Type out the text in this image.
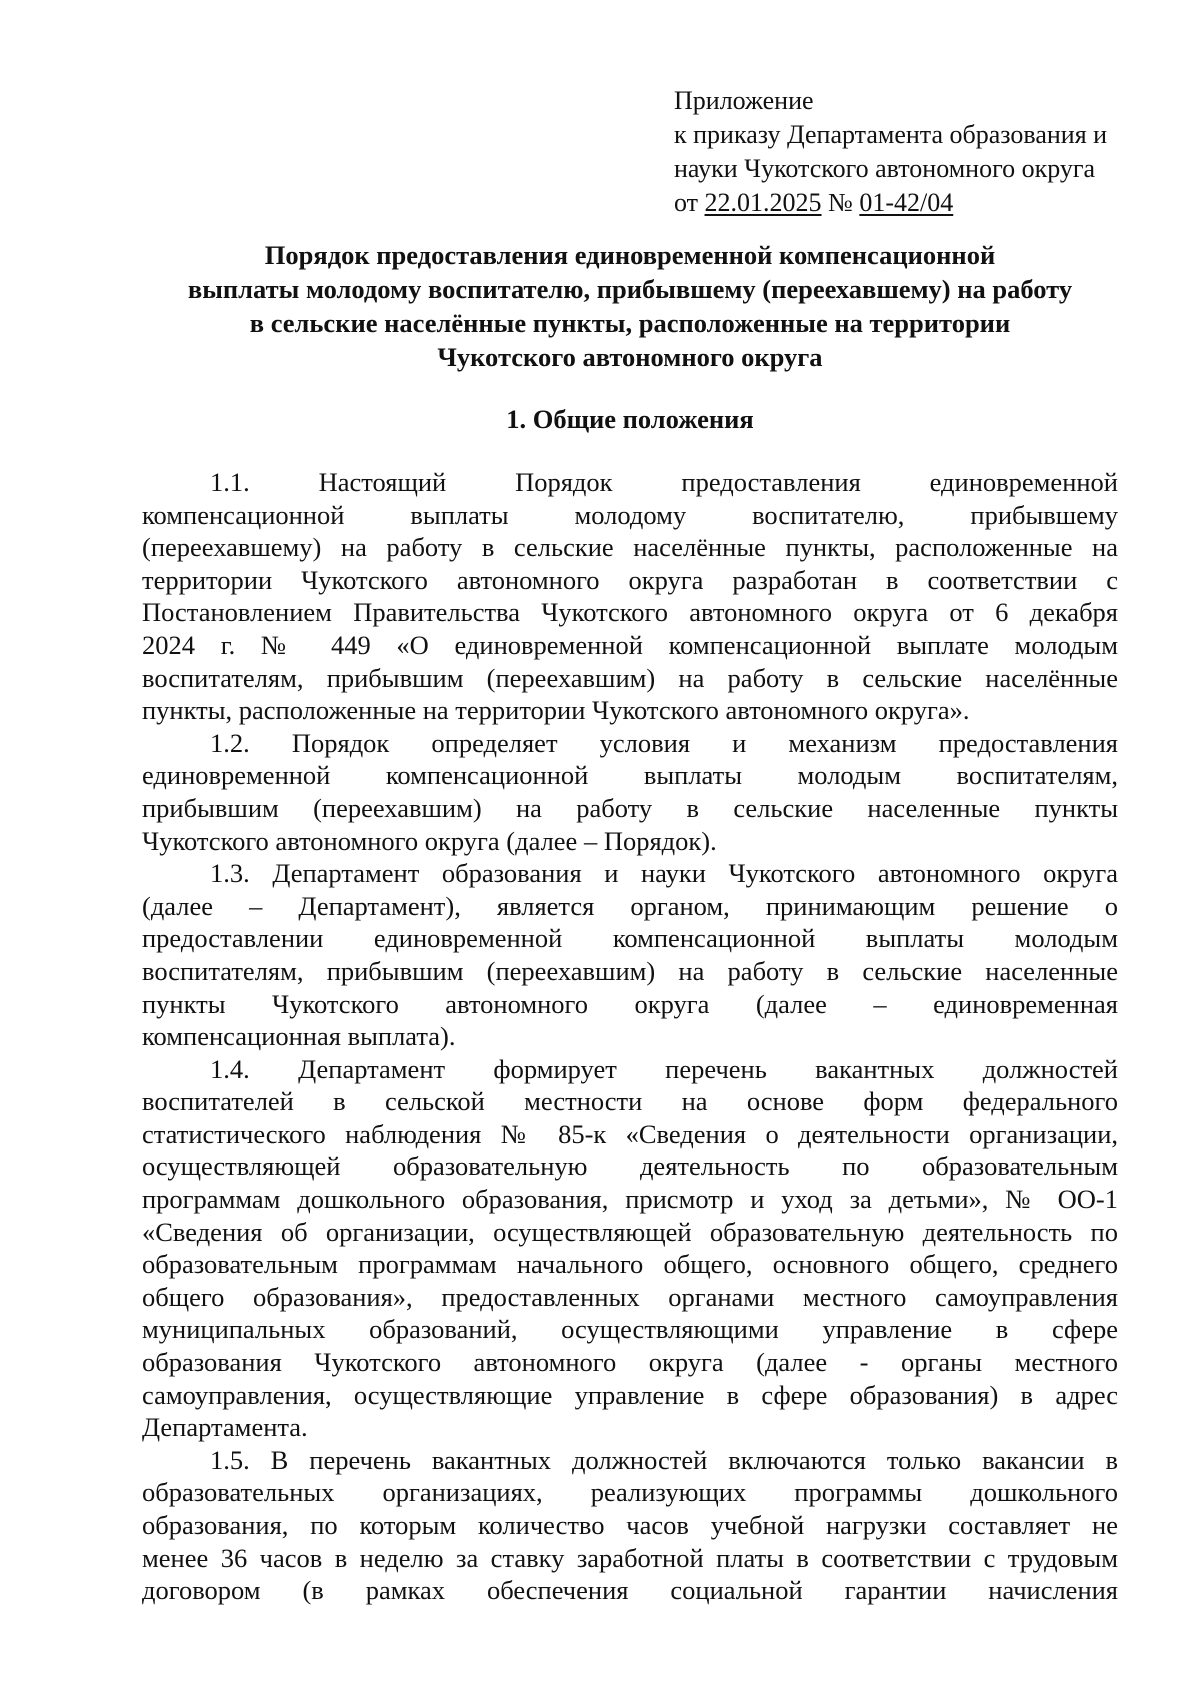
Приложение
к приказу Департамента образования и
науки Чукотского автономного округа
от 22.01.2025 № 01-42/04
Порядок предоставления единовременной компенсационной
выплаты молодому воспитателю, прибывшему (переехавшему) на работу
в сельские населённые пункты, расположенные на территории
Чукотского автономного округа
1. Общие положения
1.1. Настоящий Порядок предоставления единовременной
компенсационной выплаты молодому воспитателю, прибывшему
(переехавшему) на работу в сельские населённые пункты, расположенные на
территории Чукотского автономного округа разработан в соответствии с
Постановлением Правительства Чукотского автономного округа от 6 декабря
2024 г. № 449 «О единовременной компенсационной выплате молодым
воспитателям, прибывшим (переехавшим) на работу в сельские населённые
пункты, расположенные на территории Чукотского автономного округа».
1.2. Порядок определяет условия и механизм предоставления
единовременной компенсационной выплаты молодым воспитателям,
прибывшим (переехавшим) на работу в сельские населенные пункты
Чукотского автономного округа (далее – Порядок).
1.3. Департамент образования и науки Чукотского автономного округа
(далее – Департамент), является органом, принимающим решение о
предоставлении единовременной компенсационной выплаты молодым
воспитателям, прибывшим (переехавшим) на работу в сельские населенные
пункты Чукотского автономного округа (далее – единовременная
компенсационная выплата).
1.4. Департамент формирует перечень вакантных должностей
воспитателей в сельской местности на основе форм федерального
статистического наблюдения № 85-к «Сведения о деятельности организации,
осуществляющей образовательную деятельность по образовательным
программам дошкольного образования, присмотр и уход за детьми», № ОО-1
«Сведения об организации, осуществляющей образовательную деятельность по
образовательным программам начального общего, основного общего, среднего
общего образования», предоставленных органами местного самоуправления
муниципальных образований, осуществляющими управление в сфере
образования Чукотского автономного округа (далее - органы местного
самоуправления, осуществляющие управление в сфере образования) в адрес
Департамента.
1.5. В перечень вакантных должностей включаются только вакансии в
образовательных организациях, реализующих программы дошкольного
образования, по которым количество часов учебной нагрузки составляет не
менее 36 часов в неделю за ставку заработной платы в соответствии с трудовым
договором (в рамках обеспечения социальной гарантии начисления
